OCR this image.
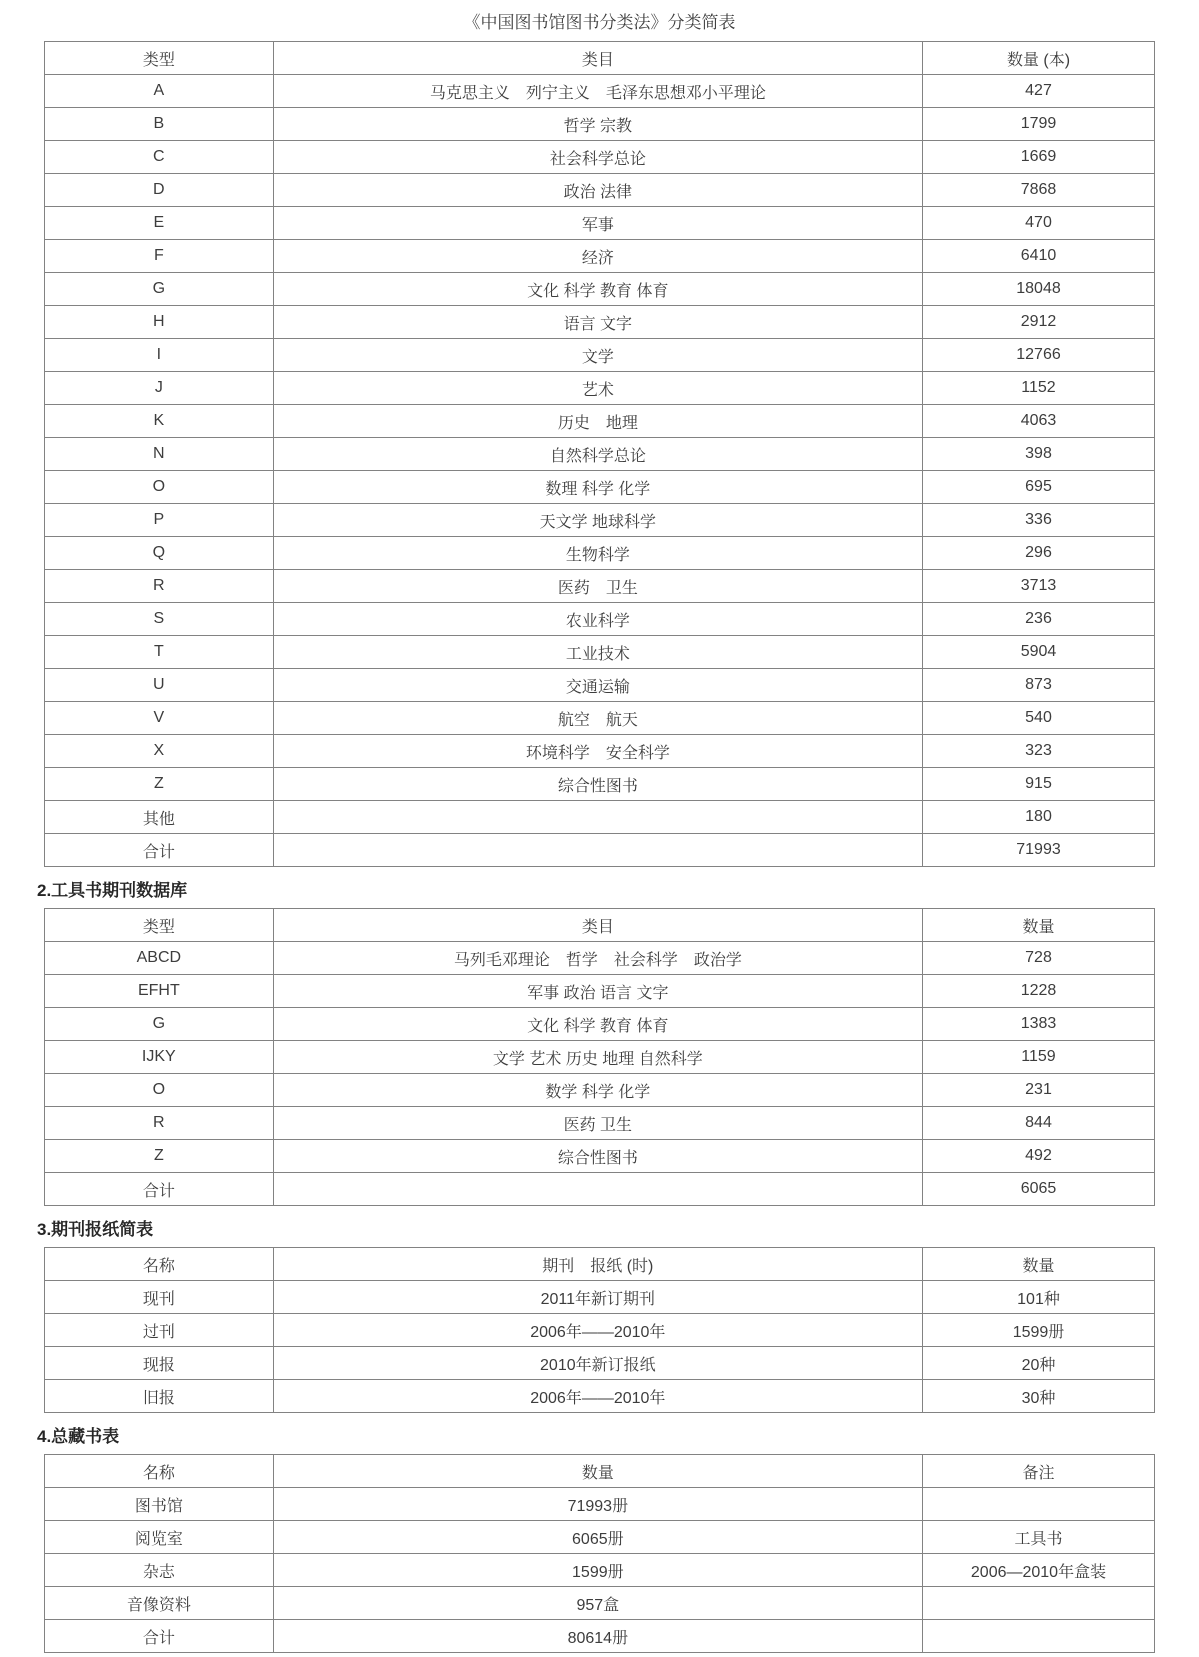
《中国图书馆图书分类法》分类简表
类型	类目	数量 (本)
A	马克思主义　列宁主义　毛泽东思想邓小平理论	427
B	哲学 宗教	1799
C	社会科学总论	1669
D	政治 法律	7868
E	军事	470
F	经济	6410
G	文化 科学 教育 体育	18048
H	语言 文字	2912
I	文学	12766
J	艺术	1152
K	历史　地理	4063
N	自然科学总论	398
O	数理 科学 化学	695
P	天文学 地球科学	336
Q	生物科学	296
R	医药　卫生	3713
S	农业科学	236
T	工业技术	5904
U	交通运输	873
V	航空　航天	540
X	环境科学　安全科学	323
Z	综合性图书	915
其他		180
合计		71993
2.工具书期刊数据库
类型	类目	数量
ABCD	马列毛邓理论　哲学　社会科学　政治学	728
EFHT	军事 政治 语言 文字	1228
G	文化 科学 教育 体育	1383
IJKY	文学 艺术 历史 地理 自然科学	1159
O	数学 科学 化学	231
R	医药 卫生	844
Z	综合性图书	492
合计		6065
3.期刊报纸简表
名称	期刊　报纸 (时)	数量
现刊	2011年新订期刊	101种
过刊	2006年——2010年	1599册
现报	2010年新订报纸	20种
旧报	2006年——2010年	30种
4.总藏书表
名称	数量	备注
图书馆	71993册	
阅览室	6065册	工具书
杂志	1599册	2006—2010年盒装
音像资料	957盒	
合计	80614册	
